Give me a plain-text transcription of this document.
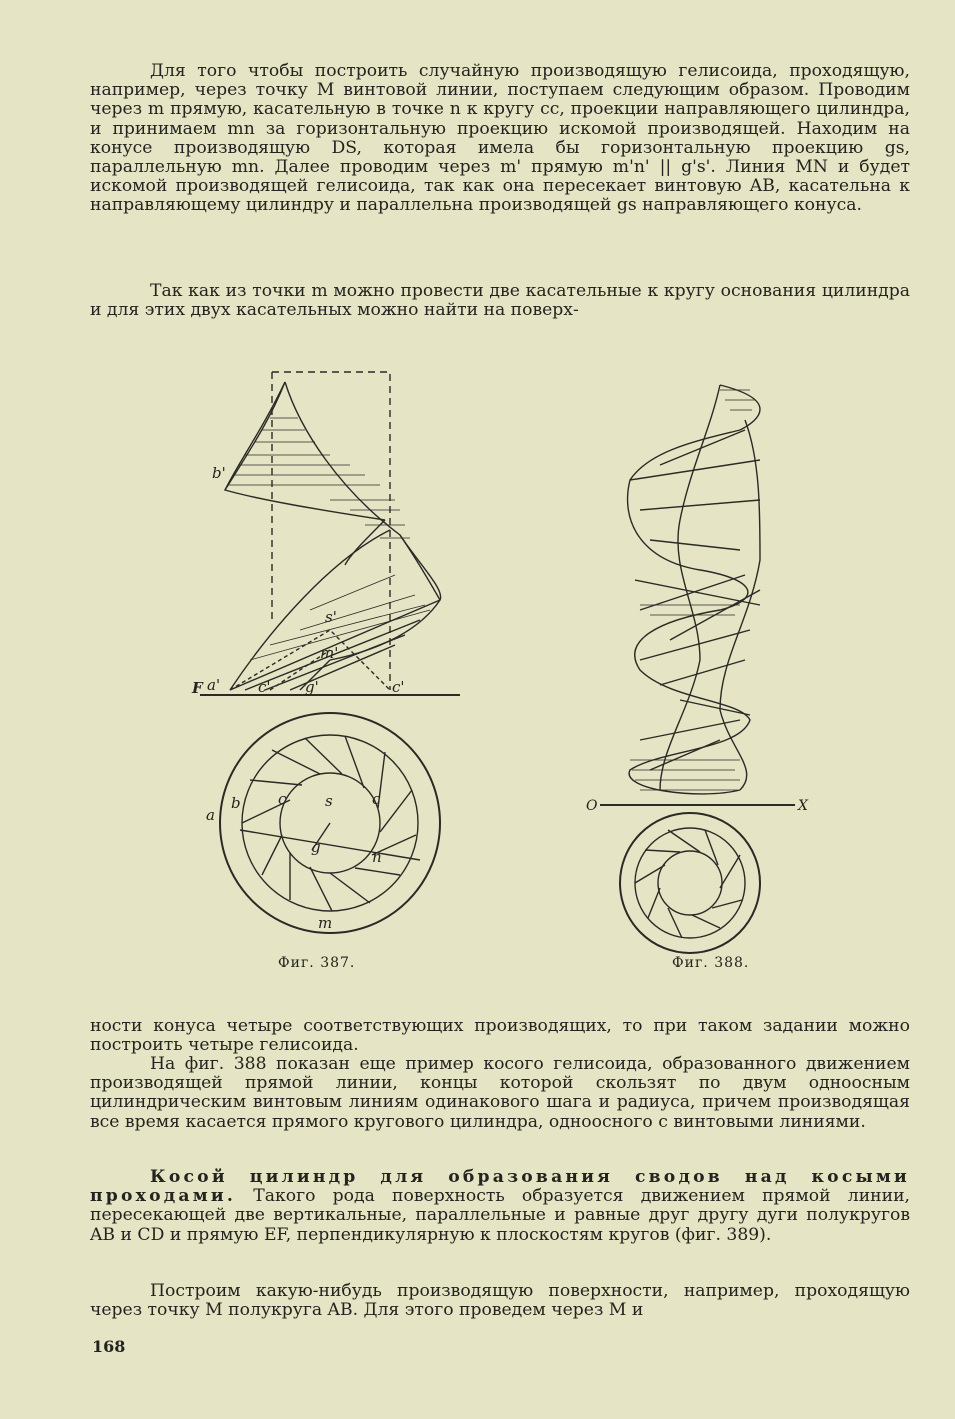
Для того чтобы построить случайную производящую гелисоида, проходящую, например, через точку M винтовой линии, поступаем следующим образом. Проводим через m прямую, касательную в точке n к кругу cc, проекции направляющего цилиндра, и принимаем mn за горизонтальную проекцию искомой производящей. Находим на конусе производящую DS, которая имела бы горизонтальную проекцию gs, параллельную mn. Далее проводим через m' прямую m'n' || g's'. Линия MN и будет искомой производящей гелисоида, так как она пересекает винтовую AB, касательна к направляющему цилиндру и параллельна производящей gs направляющего конуса.

Так как из точки m можно провести две касательные к кругу основания цилиндра и для этих двух касательных можно найти на поверх-

b'
s'
m'
F a'	c' g'	c'
a
b c	s	c
g
n
m
O	X
Фиг. 387.	Фиг. 388.

ности конуса четыре соответствующих производящих, то при таком задании можно построить четыре гелисоида.

На фиг. 388 показан еще пример косого гелисоида, образованного движением производящей прямой линии, концы которой скользят по двум одноосным цилиндрическим винтовым линиям одинакового шага и радиуса, причем производящая все время касается прямого кругового цилиндра, одноосного с винтовыми линиями.

Косой цилиндр для образования сводов над косыми проходами. Такого рода поверхность образуется движением прямой линии, пересекающей две вертикальные, параллельные и равные друг другу дуги полукругов AB и CD и прямую EF, перпендикулярную к плоскостям кругов (фиг. 389).

Построим какую-нибудь производящую поверхности, например, проходящую через точку M полукруга AB. Для этого проведем через M и

168
